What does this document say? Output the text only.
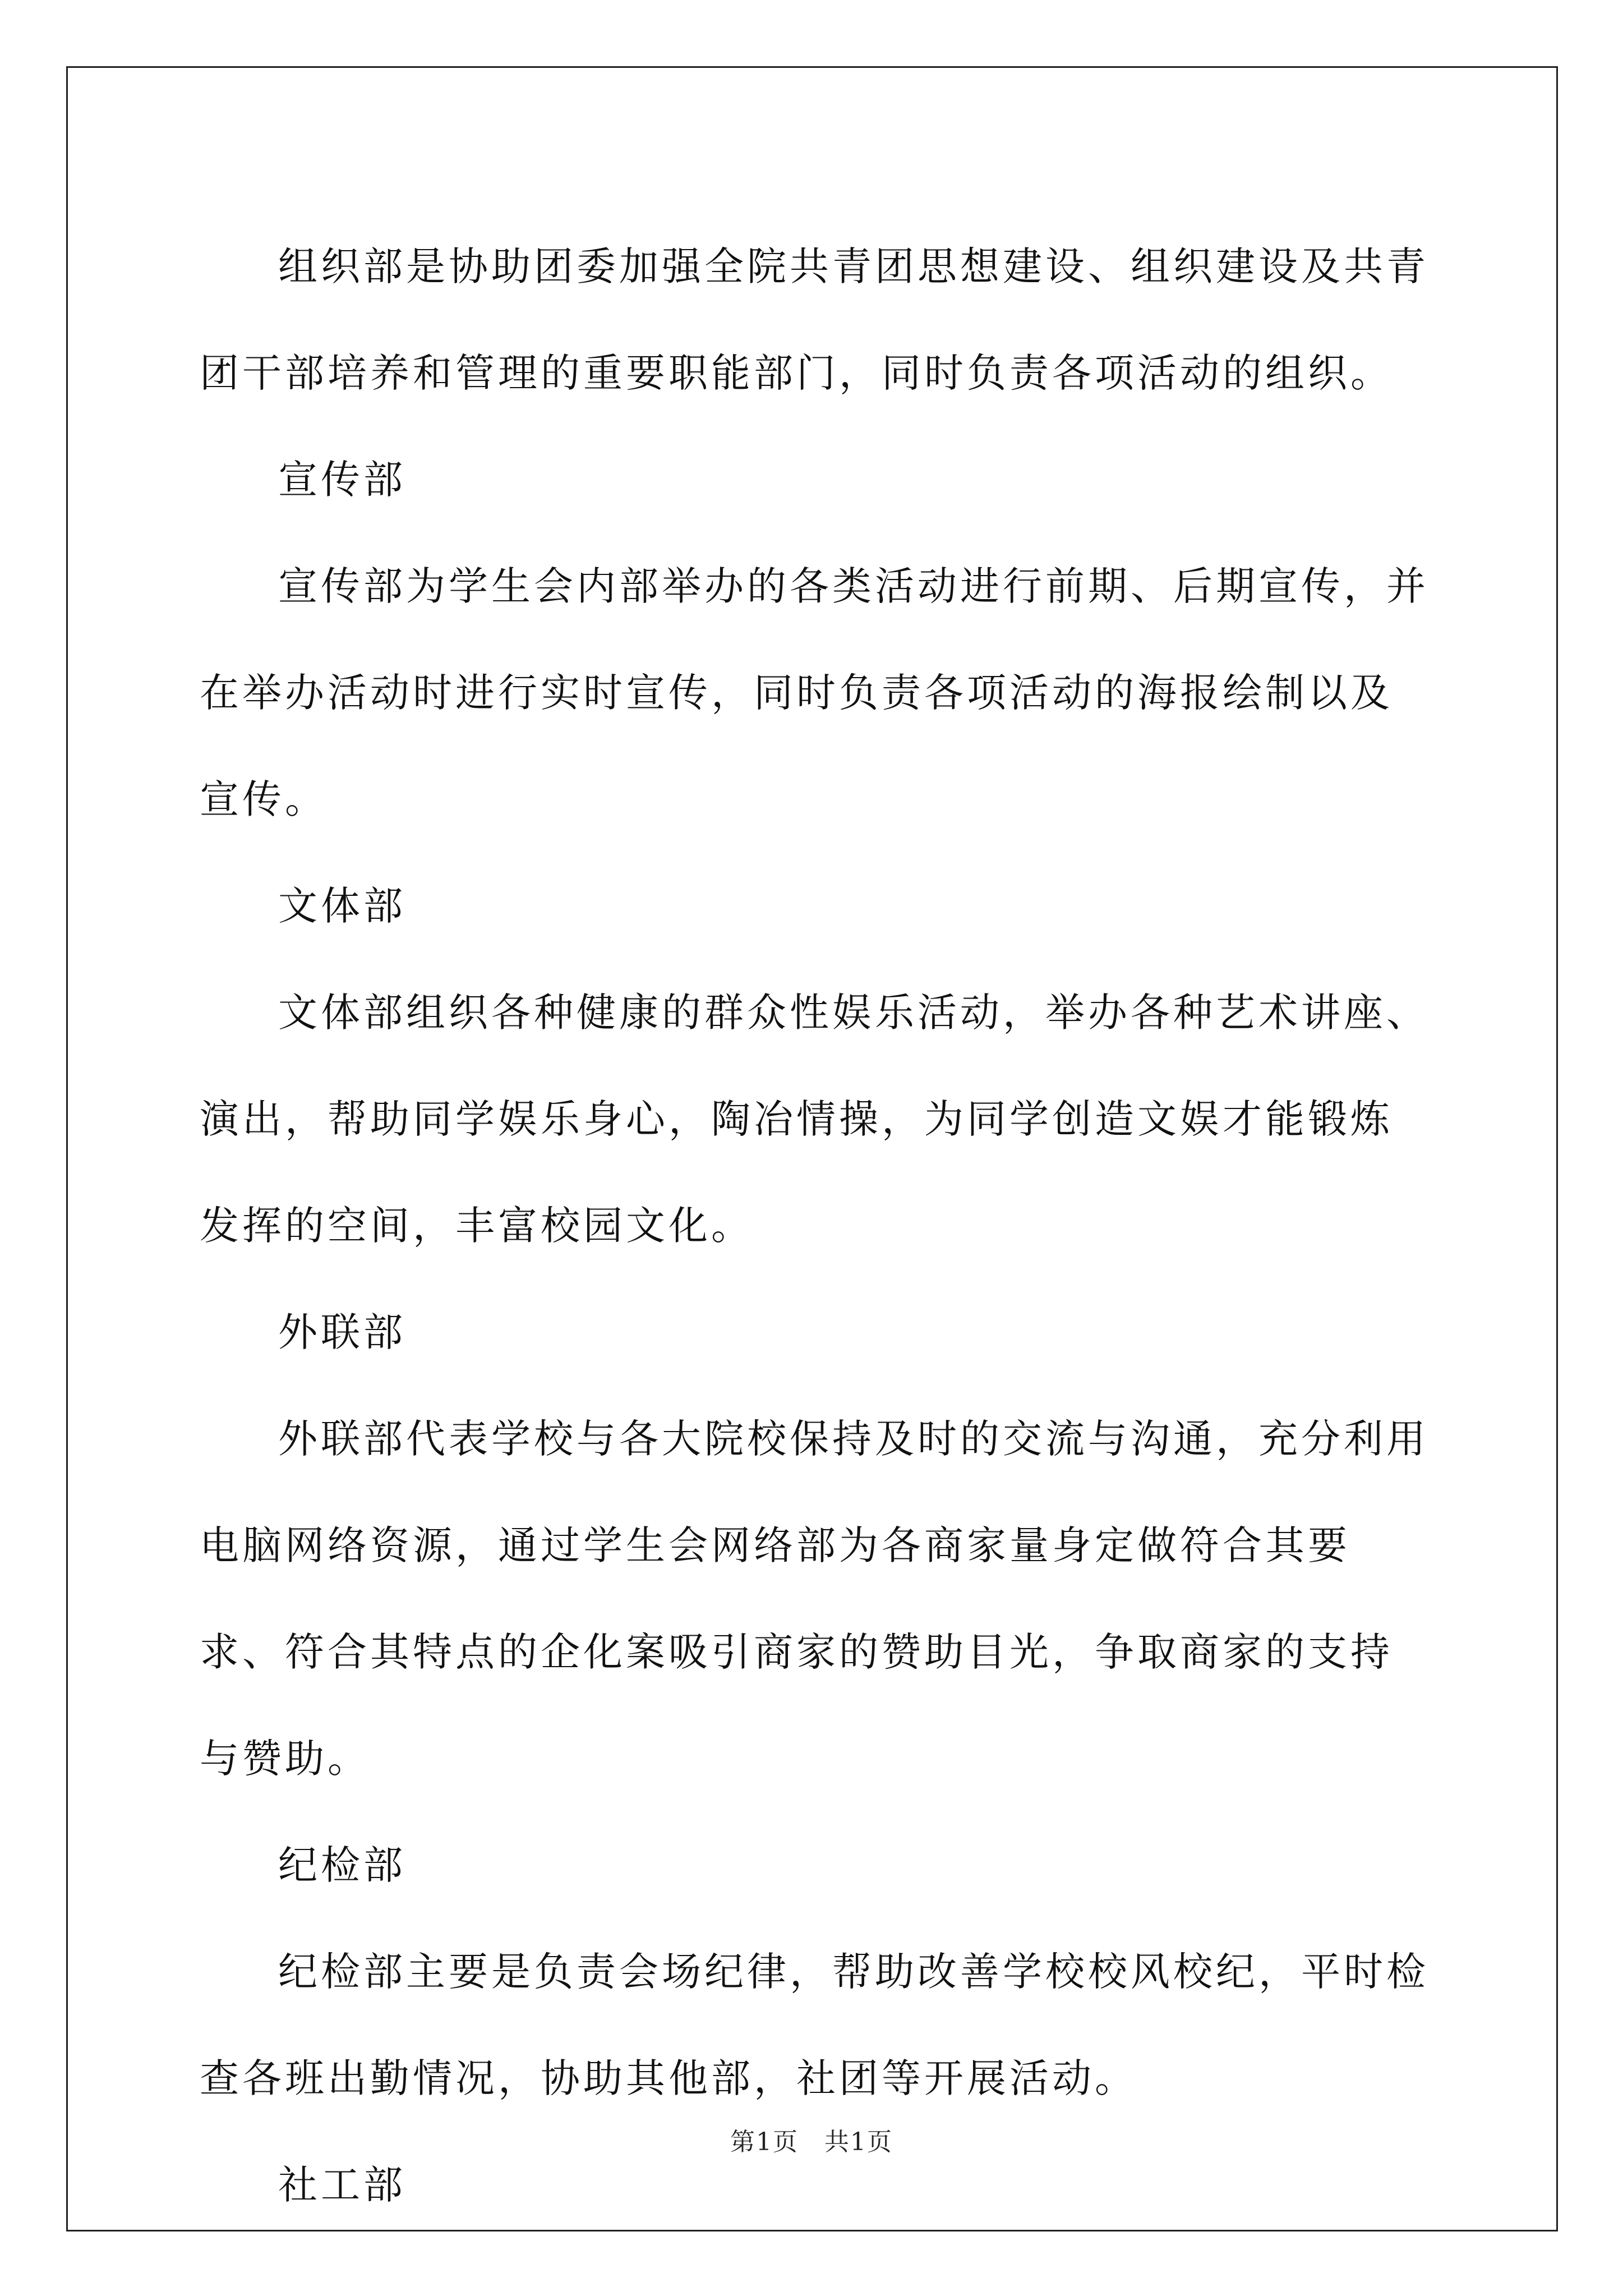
组织部是协助团委加强全院共青团思想建设、组织建设及共青团干部培养和管理的重要职能部门，同时负责各项活动的组织。

宣传部

宣传部为学生会内部举办的各类活动进行前期、后期宣传，并在举办活动时进行实时宣传，同时负责各项活动的海报绘制以及宣传。

文体部

文体部组织各种健康的群众性娱乐活动，举办各种艺术讲座、演出，帮助同学娱乐身心，陶冶情操，为同学创造文娱才能锻炼发挥的空间，丰富校园文化。

外联部

外联部代表学校与各大院校保持及时的交流与沟通，充分利用电脑网络资源，通过学生会网络部为各商家量身定做符合其要求、符合其特点的企化案吸引商家的赞助目光，争取商家的支持与赞助。

纪检部

纪检部主要是负责会场纪律，帮助改善学校校风校纪，平时检查各班出勤情况，协助其他部，社团等开展活动。

社工部

第1页　共1页
